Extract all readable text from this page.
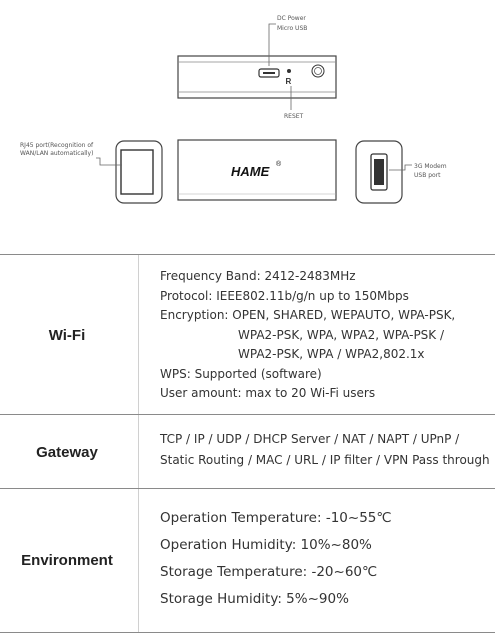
R
DC Power
Micro USB
RESET
RJ45 port(Recognition of
WAN/LAN automatically)
HAME ®	3G Modem
USB port
Wi-Fi
Frequency Band: 2412-2483MHz
Protocol: IEEE802.11b/g/n up to 150Mbps
Encryption: OPEN, SHARED, WEPAUTO, WPA-PSK,
WPA2-PSK, WPA, WPA2, WPA-PSK /
WPA2-PSK, WPA / WPA2,802.1x
WPS: Supported (software)
User amount: max to 20 Wi-Fi users
Gateway
TCP / IP / UDP / DHCP Server / NAT / NAPT / UPnP /
Static Routing / MAC / URL / IP filter / VPN Pass through
Environment
Operation Temperature: -10~55℃
Operation Humidity: 10%~80%
Storage Temperature: -20~60℃
Storage Humidity: 5%~90%
